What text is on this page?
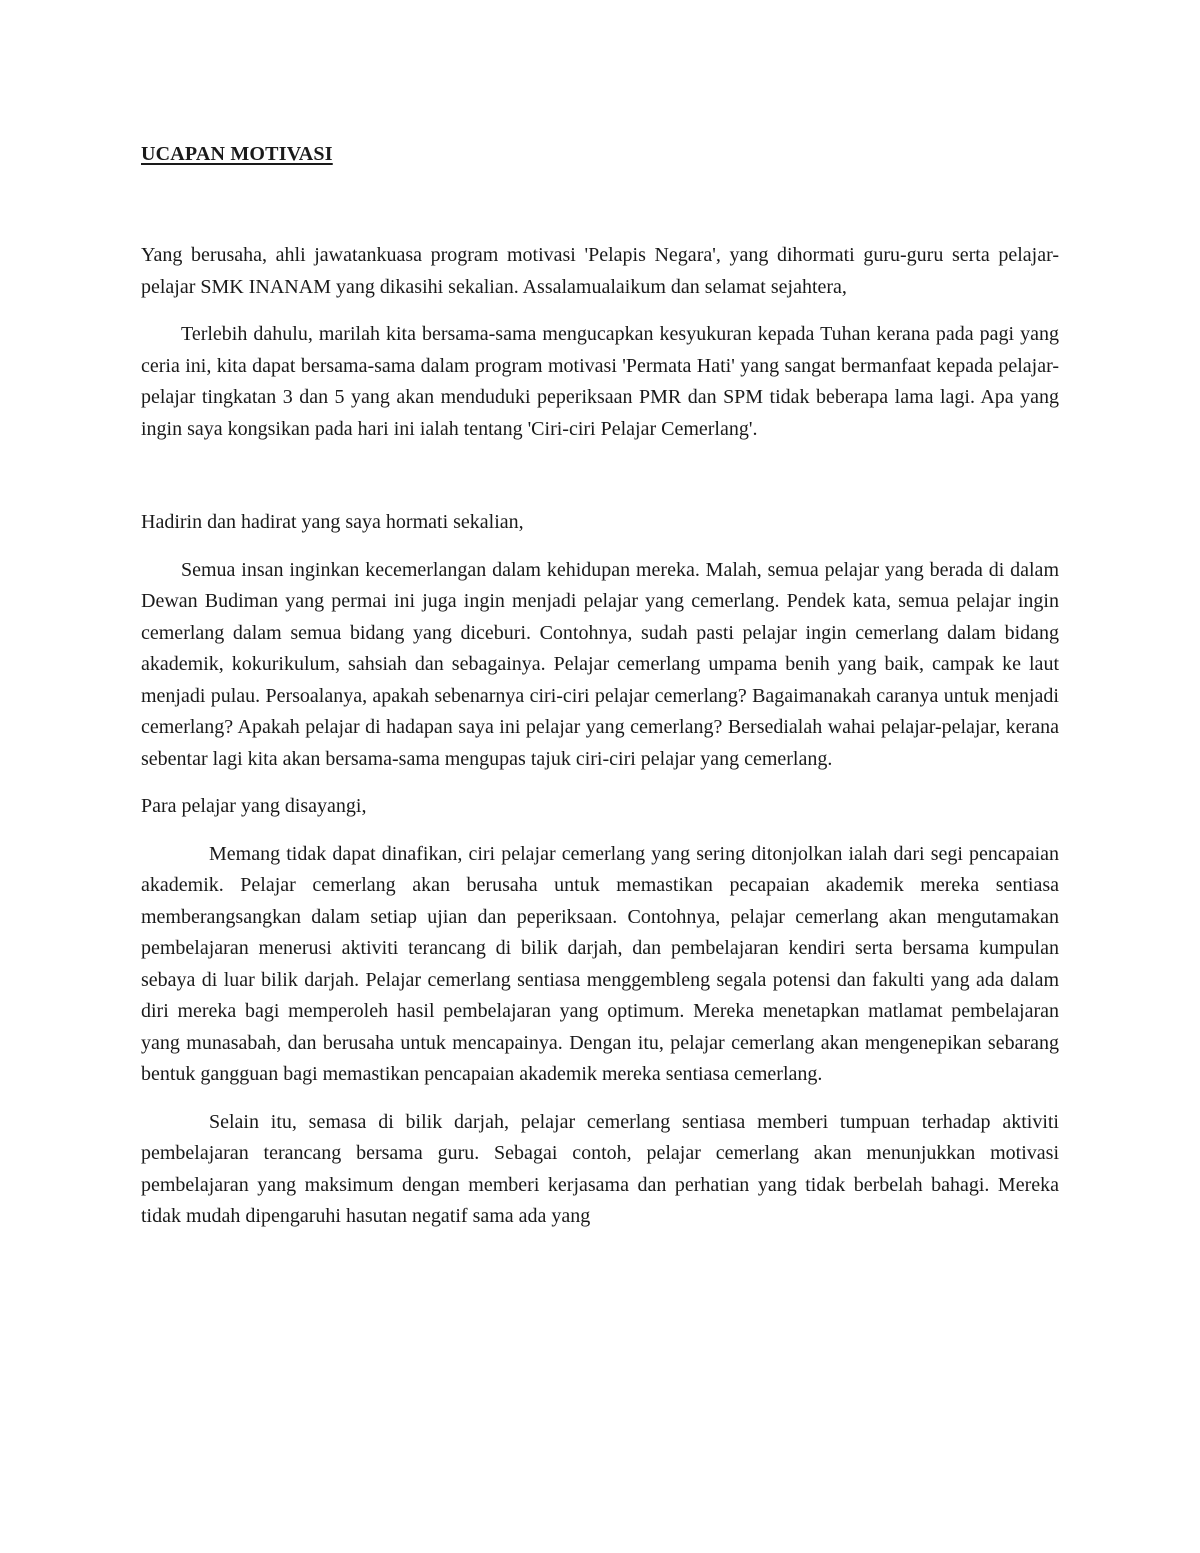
UCAPAN MOTIVASI

Yang berusaha, ahli jawatankuasa program motivasi 'Pelapis Negara', yang dihormati guru-guru serta pelajar-pelajar SMK INANAM yang dikasihi sekalian. Assalamualaikum dan selamat sejahtera,

Terlebih dahulu, marilah kita bersama-sama mengucapkan kesyukuran kepada Tuhan kerana pada pagi yang ceria ini, kita dapat bersama-sama dalam program motivasi 'Permata Hati' yang sangat bermanfaat kepada pelajar-pelajar tingkatan 3 dan 5 yang akan menduduki peperiksaan PMR dan SPM tidak beberapa lama lagi. Apa yang ingin saya kongsikan pada hari ini ialah tentang 'Ciri-ciri Pelajar Cemerlang'.

Hadirin dan hadirat yang saya hormati sekalian,

Semua insan inginkan kecemerlangan dalam kehidupan mereka. Malah, semua pelajar yang berada di dalam Dewan Budiman yang permai ini juga ingin menjadi pelajar yang cemerlang. Pendek kata, semua pelajar ingin cemerlang dalam semua bidang yang diceburi. Contohnya, sudah pasti pelajar ingin cemerlang dalam bidang akademik, kokurikulum, sahsiah dan sebagainya. Pelajar cemerlang umpama benih yang baik, campak ke laut menjadi pulau. Persoalanya, apakah sebenarnya ciri-ciri pelajar cemerlang? Bagaimanakah caranya untuk menjadi cemerlang? Apakah pelajar di hadapan saya ini pelajar yang cemerlang? Bersedialah wahai pelajar-pelajar, kerana sebentar lagi kita akan bersama-sama mengupas tajuk ciri-ciri pelajar yang cemerlang.

Para pelajar yang disayangi,

Memang tidak dapat dinafikan, ciri pelajar cemerlang yang sering ditonjolkan ialah dari segi pencapaian akademik. Pelajar cemerlang akan berusaha untuk memastikan pecapaian akademik mereka sentiasa memberangsangkan dalam setiap ujian dan peperiksaan. Contohnya, pelajar cemerlang akan mengutamakan pembelajaran menerusi aktiviti terancang di bilik darjah, dan pembelajaran kendiri serta bersama kumpulan sebaya di luar bilik darjah. Pelajar cemerlang sentiasa menggembleng segala potensi dan fakulti yang ada dalam diri mereka bagi memperoleh hasil pembelajaran yang optimum. Mereka menetapkan matlamat pembelajaran yang munasabah, dan berusaha untuk mencapainya. Dengan itu, pelajar cemerlang akan mengenepikan sebarang bentuk gangguan bagi memastikan pencapaian akademik mereka sentiasa cemerlang.

Selain itu, semasa di bilik darjah, pelajar cemerlang sentiasa memberi tumpuan terhadap aktiviti pembelajaran terancang bersama guru. Sebagai contoh, pelajar cemerlang akan menunjukkan motivasi pembelajaran yang maksimum dengan memberi kerjasama dan perhatian yang tidak berbelah bahagi. Mereka tidak mudah dipengaruhi hasutan negatif sama ada yang
